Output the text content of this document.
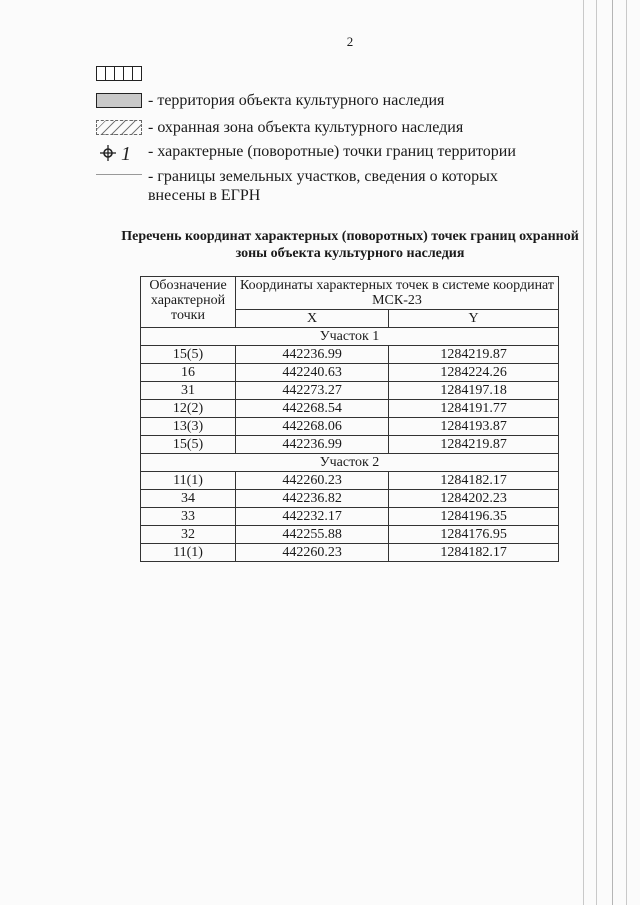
2
- территория объекта культурного наследия
- охранная зона объекта культурного наследия
1 - характерные (поворотные) точки границ территории
- границы земельных участков, сведения о которых
внесены в ЕГРН
Перечень координат характерных (поворотных) точек границ охранной
зоны объекта культурного наследия
Обозначение
характерной
точки	Координаты характерных точек в системе координат МСК-23	
	X	Y
Участок 1		
15(5)	442236.99	1284219.87
16	442240.63	1284224.26
31	442273.27	1284197.18
12(2)	442268.54	1284191.77
13(3)	442268.06	1284193.87
15(5)	442236.99	1284219.87
Участок 2		
11(1)	442260.23	1284182.17
34	442236.82	1284202.23
33	442232.17	1284196.35
32	442255.88	1284176.95
11(1)	442260.23	1284182.17
